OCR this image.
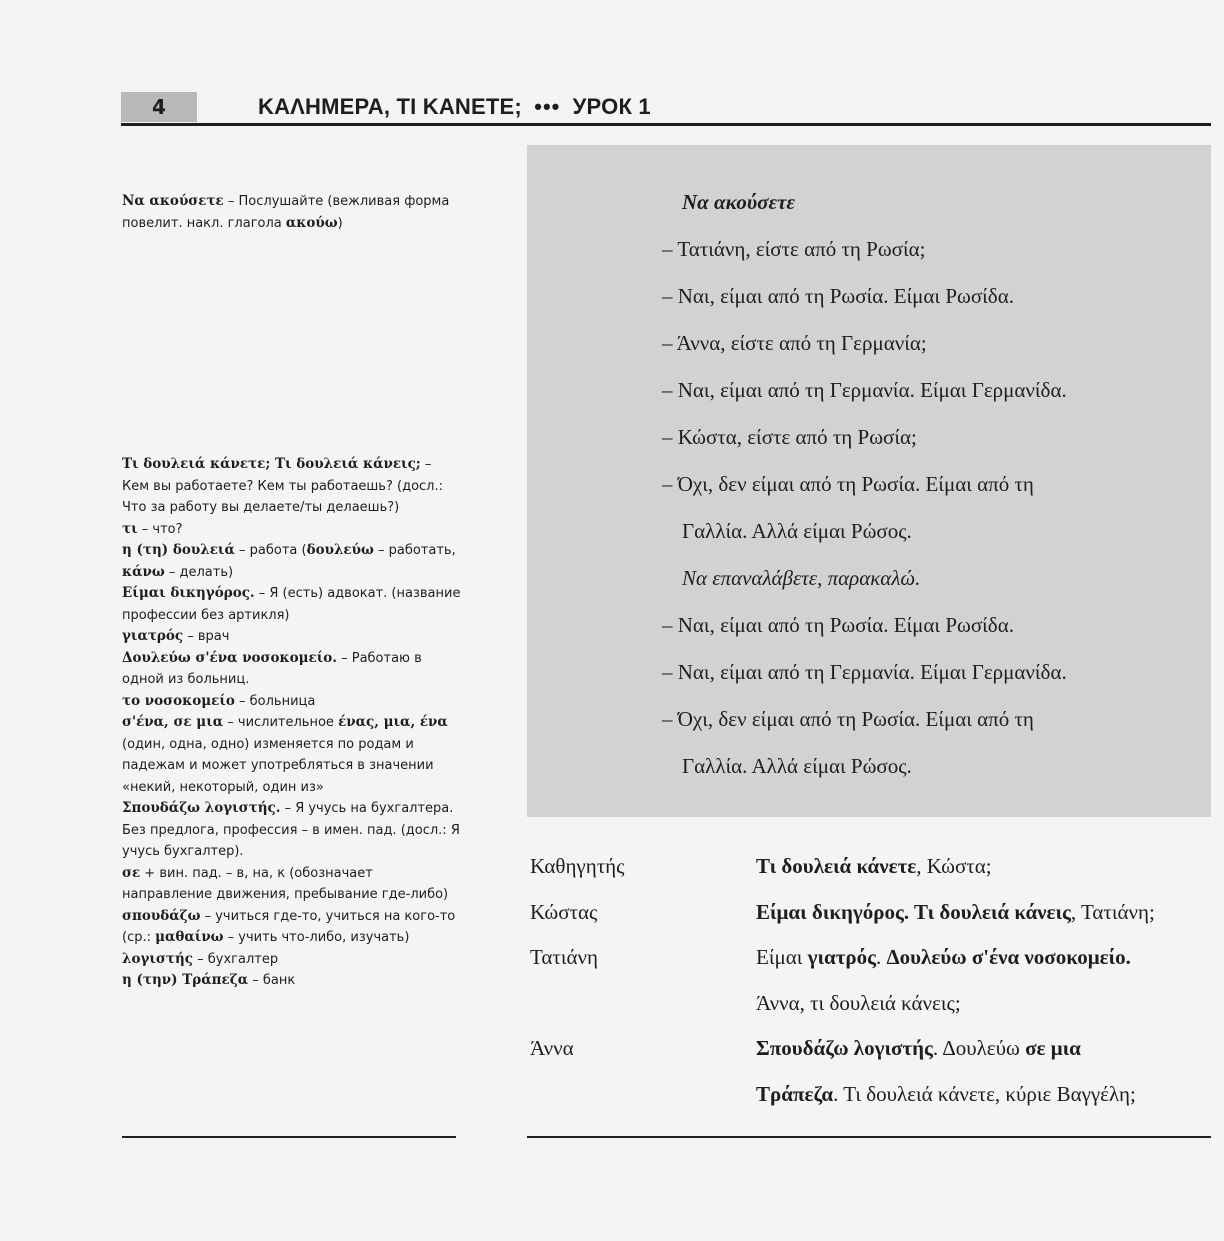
4	ΚΑΛΗΜΕΡΑ, ΤΙ ΚΑΝΕΤΕ; ••• УРОК 1

Να ακούσετε – Послушайте (вежливая форма повелит. накл. глагола ακούω)

Τι δουλειά κάνετε; Τι δουλειά κάνεις; – Кем вы работаете? Кем ты работаешь? (досл.: Что за работу вы делаете/ты делаешь?)

τι – что?

η (τη) δουλειά – работа (δουλεύω – работать, κάνω – делать)

Είμαι δικηγόρος. – Я (есть) адвокат. (название профессии без артикля)

γιατρός – врач

Δουλεύω σ'ένα νοσοκομείο. – Работаю в одной из больниц.

το νοσοκομείο – больница

σ'ένα, σε μια – числительное ένας, μια, ένα (один, одна, одно) изменяется по родам и падежам и может употребляться в значении «некий, некоторый, один из»

Σπουδάζω λογιστής. – Я учусь на бухгалтера. Без предлога, профессия – в имен. пад. (досл.: Я учусь бухгалтер).

σε + вин. пад. – в, на, к (обозначает направление движения, пребывание где-либо)

σπουδάζω – учиться где-то, учиться на кого-то (ср.: μαθαίνω – учить что-либо, изучать)

λογιστής – бухгалтер

η (την) Τράπεζα – банк

Να ακούσετε
– Τατιάνη, είστε από τη Ρωσία;
– Ναι, είμαι από τη Ρωσία. Είμαι Ρωσίδα.
– Άννα, είστε από τη Γερμανία;
– Ναι, είμαι από τη Γερμανία. Είμαι Γερμανίδα.
– Κώστα, είστε από τη Ρωσία;
– Όχι, δεν είμαι από τη Ρωσία. Είμαι από τη
Γαλλία. Αλλά είμαι Ρώσος.
Να επαναλάβετε, παρακαλώ.
– Ναι, είμαι από τη Ρωσία. Είμαι Ρωσίδα.
– Ναι, είμαι από τη Γερμανία. Είμαι Γερμανίδα.
– Όχι, δεν είμαι από τη Ρωσία. Είμαι από τη
Γαλλία. Αλλά είμαι Ρώσος.
Καθηγητής	Τι δουλειά κάνετε, Κώστα;
Κώστας	Είμαι δικηγόρος. Τι δουλειά κάνεις, Τατιάνη;
Τατιάνη	Είμαι γιατρός. Δουλεύω σ'ένα νοσοκομείο.
Άννα, τι δουλειά κάνεις;
Άννα	Σπουδάζω λογιστής. Δουλεύω σε μια
Τράπεζα. Τι δουλειά κάνετε, κύριε Βαγγέλη;
